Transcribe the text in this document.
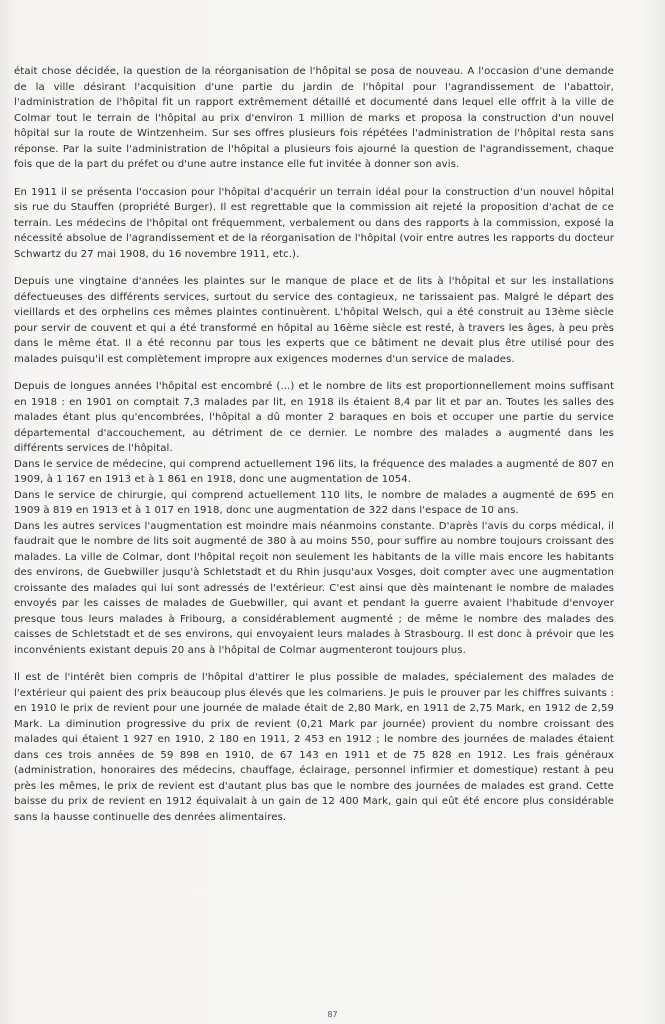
était chose décidée, la question de la réorganisation de l'hôpital se posa de nouveau. A l'occasion d'une demande de la ville désirant l'acquisition d'une partie du jardin de l'hôpital pour l'agrandissement de l'abattoir, l'administration de l'hôpital fit un rapport extrêmement détaillé et documenté dans lequel elle offrit à la ville de Colmar tout le terrain de l'hôpital au prix d'environ 1 million de marks et proposa la construction d'un nouvel hôpital sur la route de Wintzenheim. Sur ses offres plusieurs fois répétées l'administration de l'hôpital resta sans réponse. Par la suite l'administration de l'hôpital a plusieurs fois ajourné la question de l'agrandissement, chaque fois que de la part du préfet ou d'une autre instance elle fut invitée à donner son avis.

En 1911 il se présenta l'occasion pour l'hôpital d'acquérir un terrain idéal pour la construction d'un nouvel hôpital sis rue du Stauffen (propriété Burger). Il est regrettable que la commission ait rejeté la proposition d'achat de ce terrain. Les médecins de l'hôpital ont fréquemment, verbalement ou dans des rapports à la commission, exposé la nécessité absolue de l'agrandissement et de la réorganisation de l'hôpital (voir entre autres les rapports du docteur Schwartz du 27 mai 1908, du 16 novembre 1911, etc.).

Depuis une vingtaine d'années les plaintes sur le manque de place et de lits à l'hôpital et sur les installations défectueuses des différents services, surtout du service des contagieux, ne tarissaient pas. Malgré le départ des vieillards et des orphelins ces mêmes plaintes continuèrent. L'hôpital Welsch, qui a été construit au 13ème siècle pour servir de couvent et qui a été transformé en hôpital au 16ème siècle est resté, à travers les âges, à peu près dans le même état. Il a été reconnu par tous les experts que ce bâtiment ne devait plus être utilisé pour des malades puisqu'il est complètement impropre aux exigences modernes d'un service de malades.

Depuis de longues années l'hôpital est encombré (...) et le nombre de lits est proportionnellement moins suffisant en 1918 : en 1901 on comptait 7,3 malades par lit, en 1918 ils étaient 8,4 par lit et par an. Toutes les salles des malades étant plus qu'encombrées, l'hôpital a dû monter 2 baraques en bois et occuper une partie du service départemental d'accouchement, au détriment de ce dernier. Le nombre des malades a augmenté dans les différents services de l'hôpital.

Dans le service de médecine, qui comprend actuellement 196 lits, la fréquence des malades a augmenté de 807 en 1909, à 1 167 en 1913 et à 1 861 en 1918, donc une augmentation de 1054.

Dans le service de chirurgie, qui comprend actuellement 110 lits, le nombre de malades a augmenté de 695 en 1909 à 819 en 1913 et à 1 017 en 1918, donc une augmentation de 322 dans l'espace de 10 ans.

Dans les autres services l'augmentation est moindre mais néanmoins constante. D'après l'avis du corps médical, il faudrait que le nombre de lits soit augmenté de 380 à au moins 550, pour suffire au nombre toujours croissant des malades. La ville de Colmar, dont l'hôpital reçoit non seulement les habitants de la ville mais encore les habitants des environs, de Guebwiller jusqu'à Schletstadt et du Rhin jusqu'aux Vosges, doit compter avec une augmentation croissante des malades qui lui sont adressés de l'extérieur. C'est ainsi que dès maintenant le nombre de malades envoyés par les caisses de malades de Guebwiller, qui avant et pendant la guerre avaient l'habitude d'envoyer presque tous leurs malades à Fribourg, a considérablement augmenté ; de même le nombre des malades des caisses de Schletstadt et de ses environs, qui envoyaient leurs malades à Strasbourg. Il est donc à prévoir que les inconvénients existant depuis 20 ans à l'hôpital de Colmar augmenteront toujours plus.

Il est de l'intérêt bien compris de l'hôpital d'attirer le plus possible de malades, spécialement des malades de l'extérieur qui paient des prix beaucoup plus élevés que les colmariens. Je puis le prouver par les chiffres suivants : en 1910 le prix de revient pour une journée de malade était de 2,80 Mark, en 1911 de 2,75 Mark, en 1912 de 2,59 Mark. La diminution progressive du prix de revient (0,21 Mark par journée) provient du nombre croissant des malades qui étaient 1 927 en 1910, 2 180 en 1911, 2 453 en 1912 ; le nombre des journées de malades étaient dans ces trois années de 59 898 en 1910, de 67 143 en 1911 et de 75 828 en 1912. Les frais généraux (administration, honoraires des médecins, chauffage, éclairage, personnel infirmier et domestique) restant à peu près les mêmes, le prix de revient est d'autant plus bas que le nombre des journées de malades est grand. Cette baisse du prix de revient en 1912 équivalait à un gain de 12 400 Mark, gain qui eût été encore plus considérable sans la hausse continuelle des denrées alimentaires.

87
